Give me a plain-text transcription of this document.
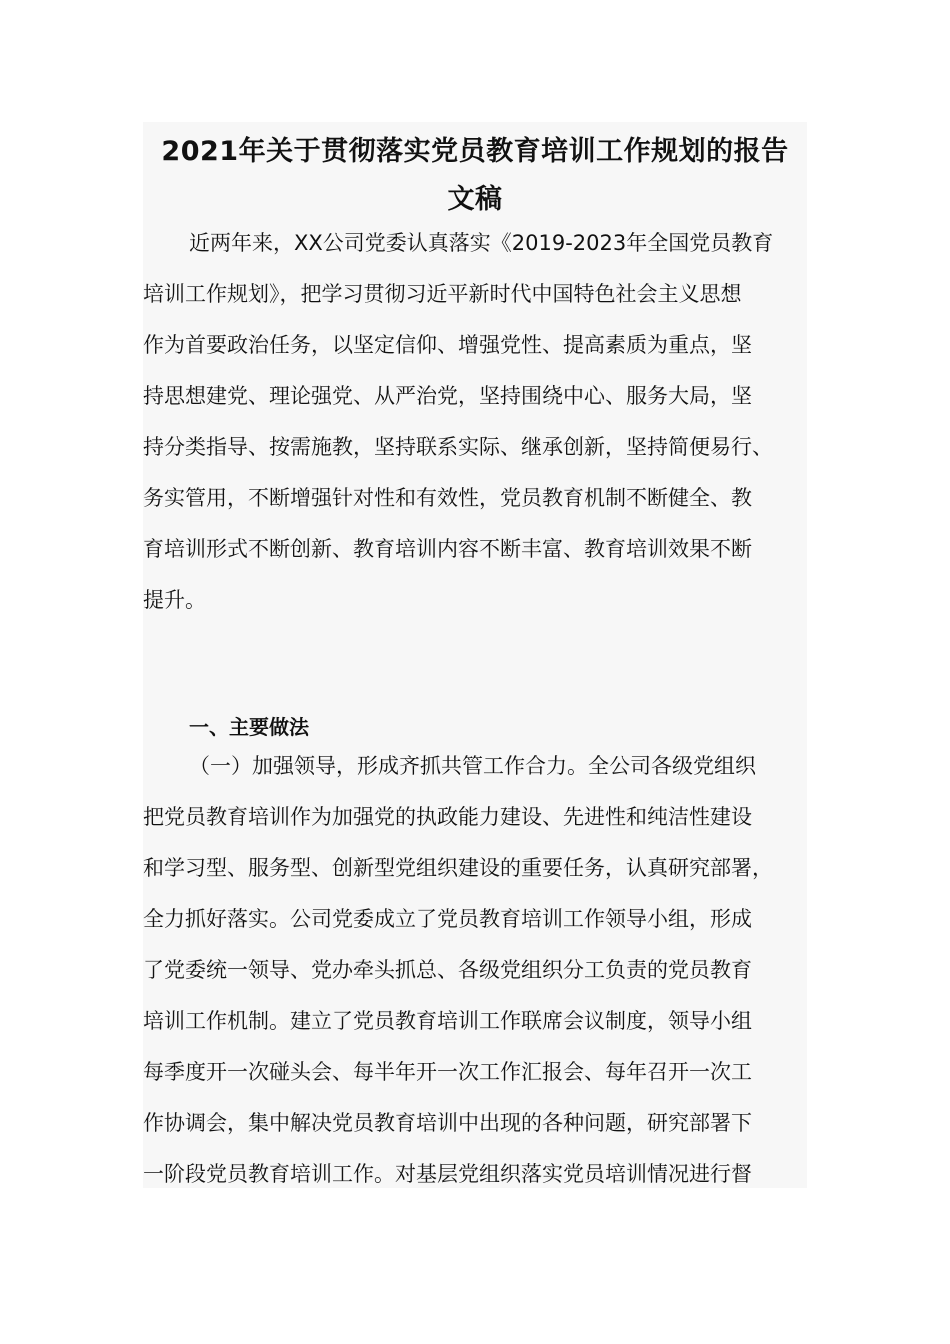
2021年关于贯彻落实党员教育培训工作规划的报告
文稿
近两年来，XX公司党委认真落实《2019-2023年全国党员教育
培训工作规划》，把学习贯彻习近平新时代中国特色社会主义思想
作为首要政治任务，以坚定信仰、增强党性、提高素质为重点，坚
持思想建党、理论强党、从严治党，坚持围绕中心、服务大局，坚
持分类指导、按需施教，坚持联系实际、继承创新，坚持简便易行、
务实管用，不断增强针对性和有效性，党员教育机制不断健全、教
育培训形式不断创新、教育培训内容不断丰富、教育培训效果不断
提升。
一、主要做法
（一）加强领导，形成齐抓共管工作合力。全公司各级党组织
把党员教育培训作为加强党的执政能力建设、先进性和纯洁性建设
和学习型、服务型、创新型党组织建设的重要任务，认真研究部署，
全力抓好落实。公司党委成立了党员教育培训工作领导小组，形成
了党委统一领导、党办牵头抓总、各级党组织分工负责的党员教育
培训工作机制。建立了党员教育培训工作联席会议制度，领导小组
每季度开一次碰头会、每半年开一次工作汇报会、每年召开一次工
作协调会，集中解决党员教育培训中出现的各种问题，研究部署下
一阶段党员教育培训工作。对基层党组织落实党员培训情况进行督
